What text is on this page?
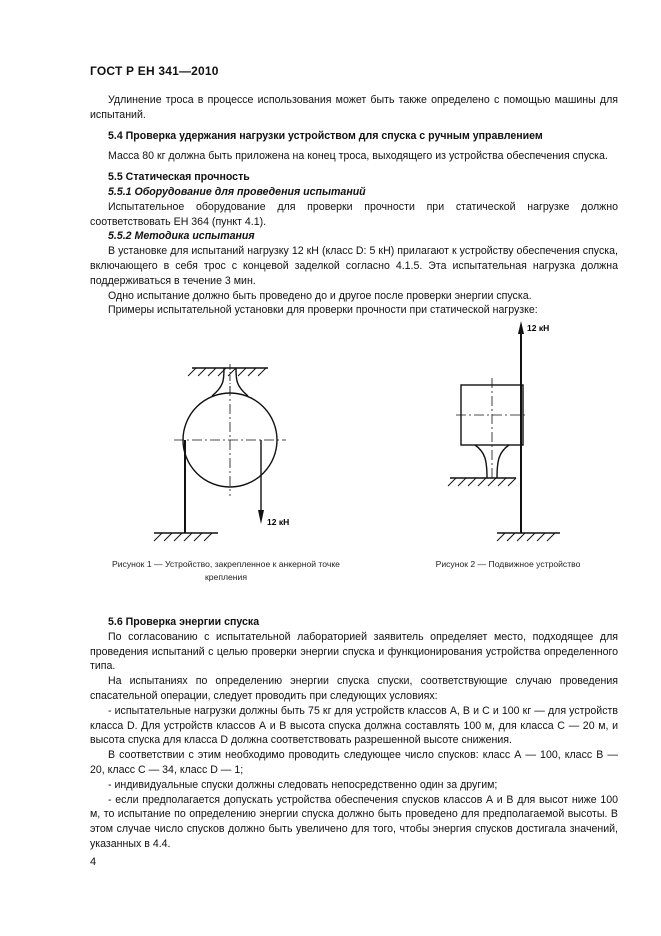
ГОСТ Р ЕН 341—2010

Удлинение троса в процессе использования может быть также определено с помощью машины для испытаний.

5.4 Проверка удержания нагрузки устройством для спуска с ручным управлением

Масса 80 кг должна быть приложена на конец троса, выходящего из устройства обеспечения спуска.

5.5 Статическая прочность

5.5.1 Оборудование для проведения испытаний

Испытательное оборудование для проверки прочности при статической нагрузке должно соответствовать ЕН 364 (пункт 4.1).

5.5.2 Методика испытания

В установке для испытаний нагрузку 12 кН (класс D: 5 кН) прилагают к устройству обеспечения спуска, включающего в себя трос с концевой заделкой согласно 4.1.5. Эта испытательная нагрузка должна поддерживаться в течение 3 мин.

Одно испытание должно быть проведено до и другое после проверки энергии спуска.

Примеры испытательной установки для проверки прочности при статической нагрузке:

12 кН
12 кН
Рисунок 1 — Устройство, закрепленное к анкерной точке крепления
Рисунок 2 — Подвижное устройство

5.6 Проверка энергии спуска

По согласованию с испытательной лабораторией заявитель определяет место, подходящее для проведения испытаний с целью проверки энергии спуска и функционирования устройства определенного типа.

На испытаниях по определению энергии спуска спуски, соответствующие случаю проведения спасательной операции, следует проводить при следующих условиях:

- испытательные нагрузки должны быть 75 кг для устройств классов А, В и С и 100 кг — для устройств класса D. Для устройств классов А и В высота спуска должна составлять 100 м, для класса С — 20 м, и высота спуска для класса D должна соответствовать разрешенной высоте снижения.

В соответствии с этим необходимо проводить следующее число спусков: класс А — 100, класс В — 20, класс С — 34, класс D — 1;

- индивидуальные спуски должны следовать непосредственно один за другим;

- если предполагается допускать устройства обеспечения спусков классов А и В для высот ниже 100 м, то испытание по определению энергии спуска должно быть проведено для предполагаемой высоты. В этом случае число спусков должно быть увеличено для того, чтобы энергия спусков достигала значений, указанных в 4.4.

4
